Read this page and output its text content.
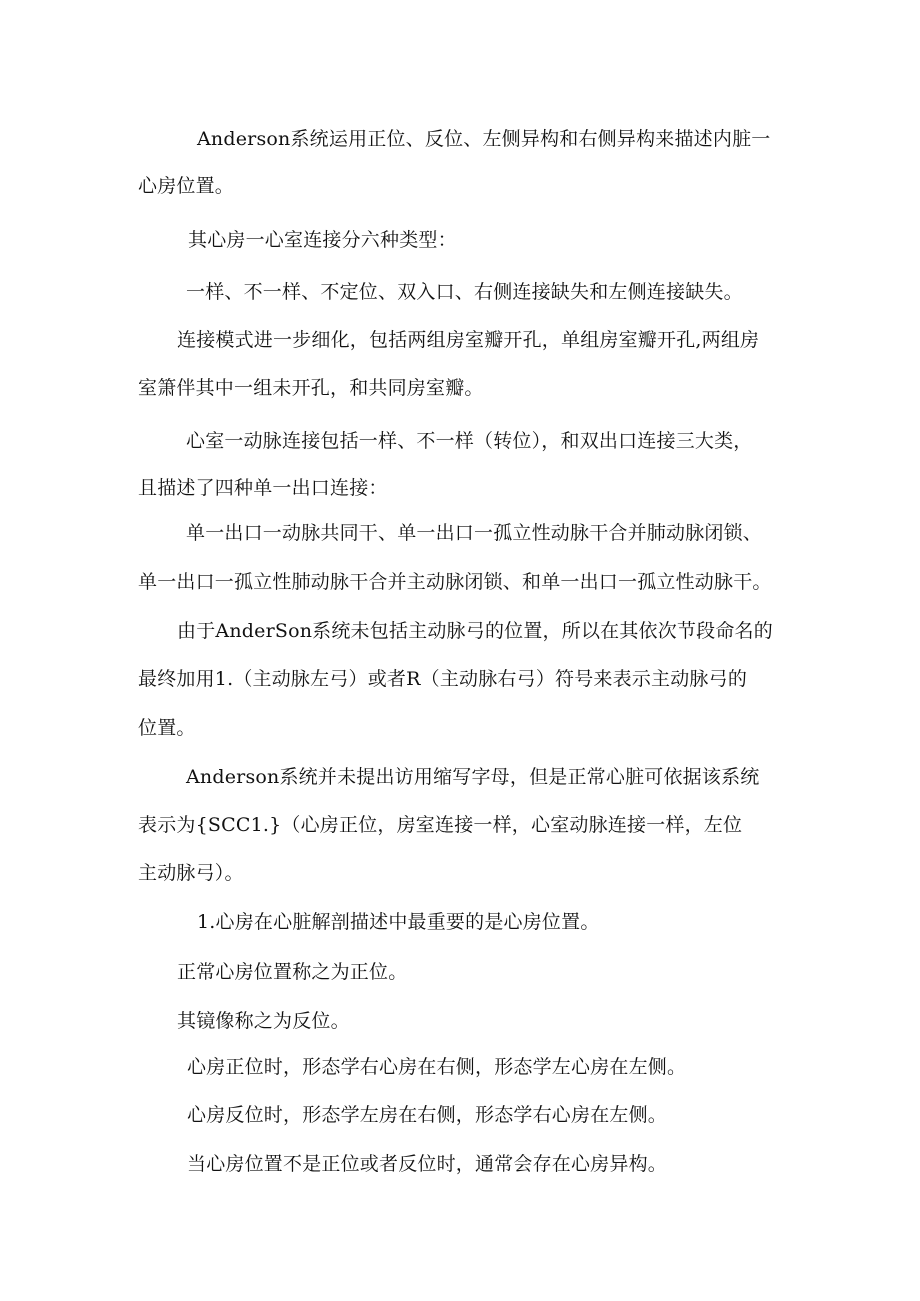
Anderson系统运用正位、反位、左侧异构和右侧异构来描述内脏一
心房位置。
其心房一心室连接分六种类型：
一样、不一样、不定位、双入口、右侧连接缺失和左侧连接缺失。
连接模式进一步细化，包括两组房室瓣开孔，单组房室瓣开孔,两组房
室箫伴其中一组未开孔，和共同房室瓣。
心室一动脉连接包括一样、不一样（转位），和双出口连接三大类，
且描述了四种单一出口连接：
单一出口一动脉共同干、单一出口一孤立性动脉干合并肺动脉闭锁、
单一出口一孤立性肺动脉干合并主动脉闭锁、和单一出口一孤立性动脉干。
由于AnderSon系统未包括主动脉弓的位置，所以在其依次节段命名的
最终加用1.（主动脉左弓）或者R（主动脉右弓）符号来表示主动脉弓的
位置。
Anderson系统并未提出访用缩写字母，但是正常心脏可依据该系统
表示为{SCC1.}（心房正位，房室连接一样，心室动脉连接一样，左位
主动脉弓）。
1.心房在心脏解剖描述中最重要的是心房位置。
正常心房位置称之为正位。
其镜像称之为反位。
心房正位时，形态学右心房在右侧，形态学左心房在左侧。
心房反位时，形态学左房在右侧，形态学右心房在左侧。
当心房位置不是正位或者反位时，通常会存在心房异构。
